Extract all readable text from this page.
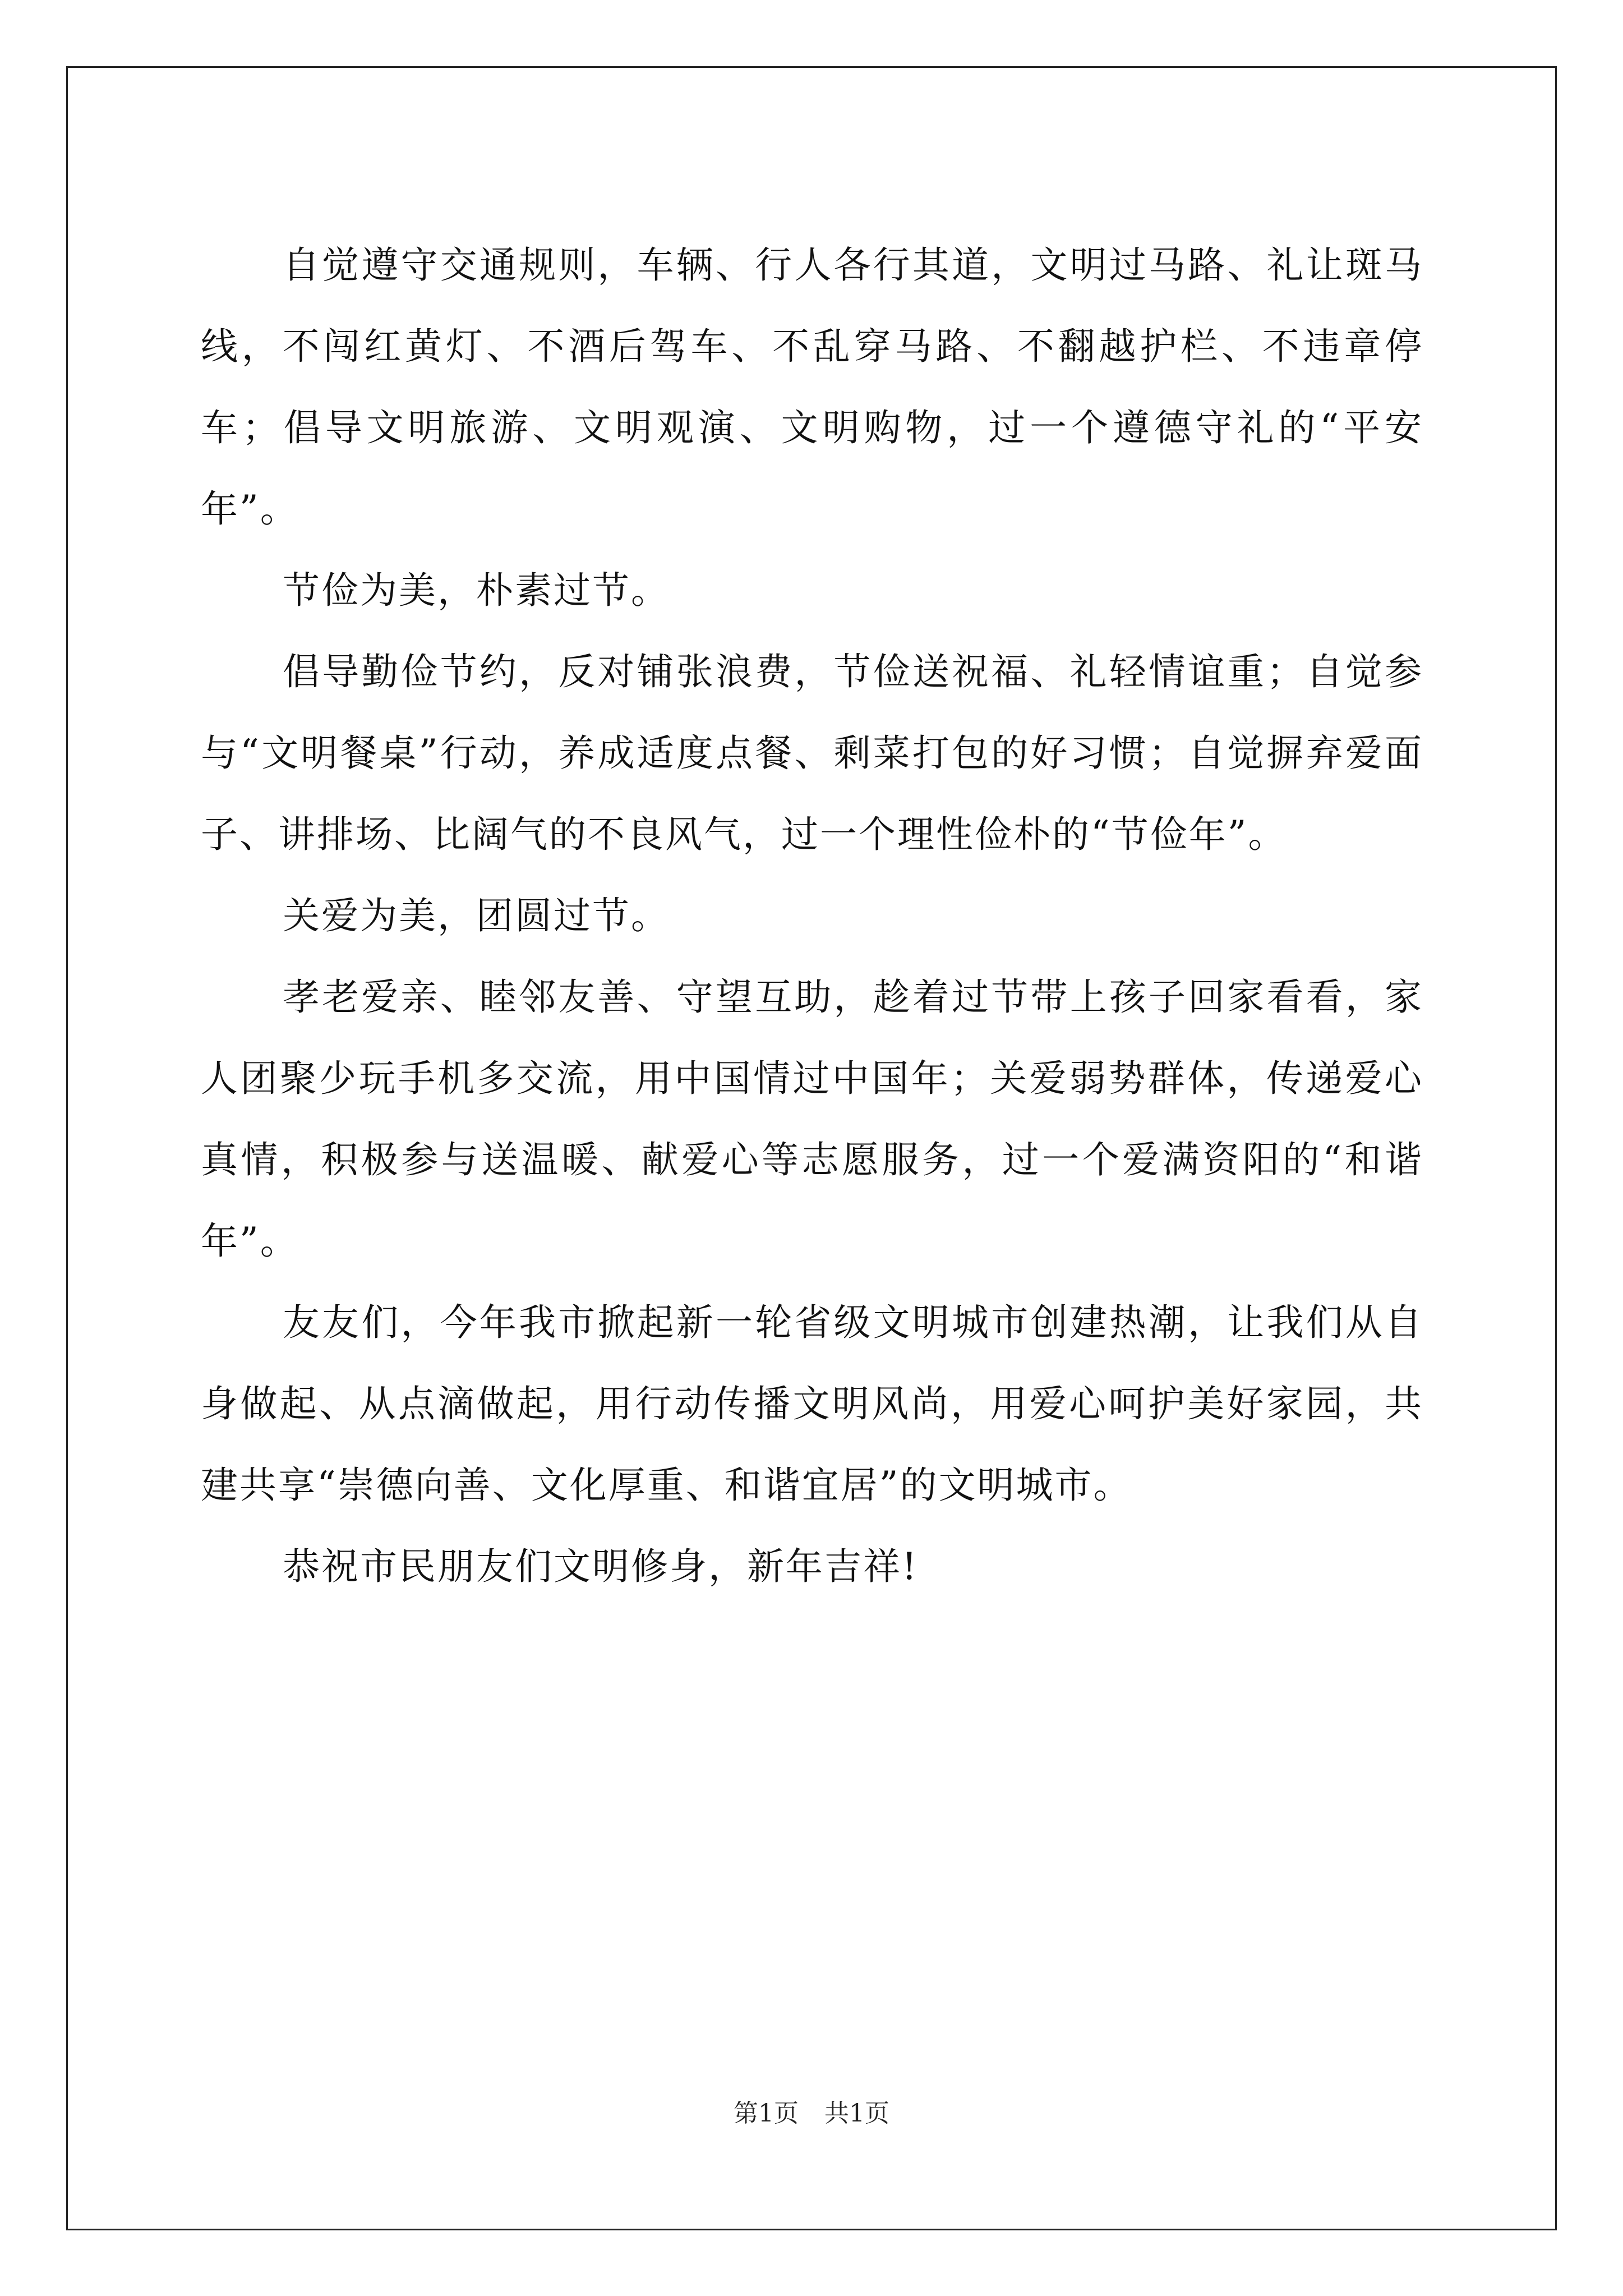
自觉遵守交通规则，车辆、行人各行其道，文明过马路、礼让斑马线，不闯红黄灯、不酒后驾车、不乱穿马路、不翻越护栏、不违章停车；倡导文明旅游、文明观演、文明购物，过一个遵德守礼的“平安年”。

节俭为美，朴素过节。

倡导勤俭节约，反对铺张浪费，节俭送祝福、礼轻情谊重；自觉参与“文明餐桌”行动，养成适度点餐、剩菜打包的好习惯；自觉摒弃爱面子、讲排场、比阔气的不良风气，过一个理性俭朴的“节俭年”。

关爱为美，团圆过节。

孝老爱亲、睦邻友善、守望互助，趁着过节带上孩子回家看看，家人团聚少玩手机多交流，用中国情过中国年；关爱弱势群体，传递爱心真情，积极参与送温暖、献爱心等志愿服务，过一个爱满资阳的“和谐年”。

友友们，今年我市掀起新一轮省级文明城市创建热潮，让我们从自身做起、从点滴做起，用行动传播文明风尚，用爱心呵护美好家园，共建共享“崇德向善、文化厚重、和谐宜居”的文明城市。

恭祝市民朋友们文明修身，新年吉祥!

第1页 共1页
